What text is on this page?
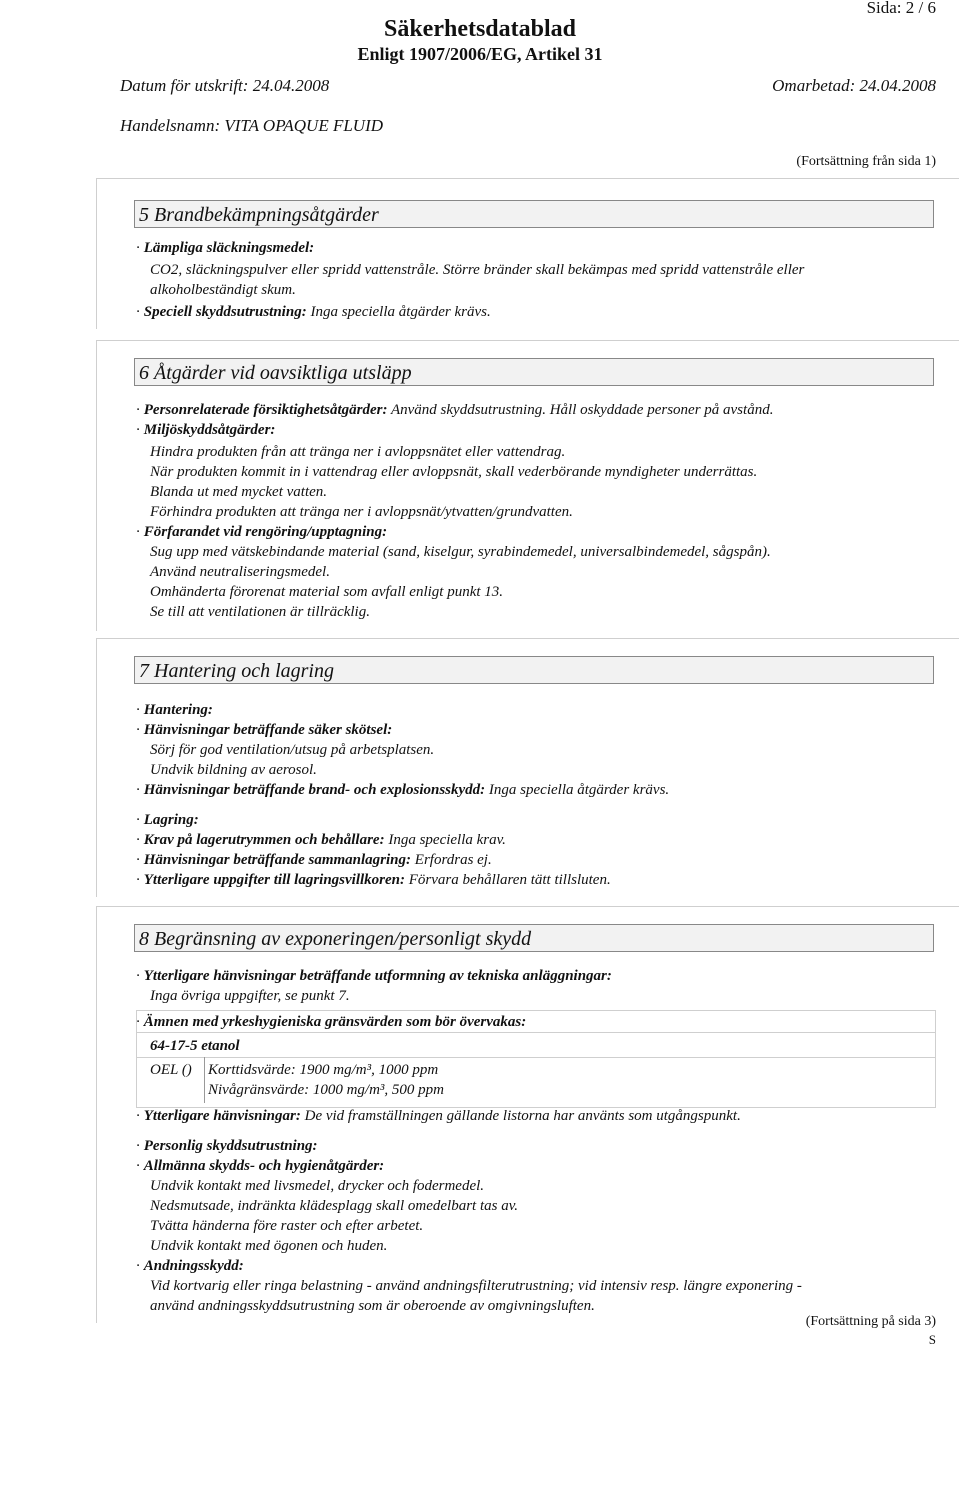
Sida: 2 / 6
Säkerhetsdatablad
Enligt 1907/2006/EG, Artikel 31
Datum för utskrift: 24.04.2008	Omarbetad: 24.04.2008
Handelsnamn: VITA OPAQUE FLUID
(Fortsättning från sida 1)
5 Brandbekämpningsåtgärder
· Lämpliga släckningsmedel:
CO2, släckningspulver eller spridd vattenstråle. Större bränder skall bekämpas med spridd vattenstråle eller
alkoholbeständigt skum.
· Speciell skyddsutrustning: Inga speciella åtgärder krävs.
6 Åtgärder vid oavsiktliga utsläpp
· Personrelaterade försiktighetsåtgärder: Använd skyddsutrustning. Håll oskyddade personer på avstånd.
· Miljöskyddsåtgärder:
Hindra produkten från att tränga ner i avloppsnätet eller vattendrag.
När produkten kommit in i vattendrag eller avloppsnät, skall vederbörande myndigheter underrättas.
Blanda ut med mycket vatten.
Förhindra produkten att tränga ner i avloppsnät/ytvatten/grundvatten.
· Förfarandet vid rengöring/upptagning:
Sug upp med vätskebindande material (sand, kiselgur, syrabindemedel, universalbindemedel, sågspån).
Använd neutraliseringsmedel.
Omhänderta förorenat material som avfall enligt punkt 13.
Se till att ventilationen är tillräcklig.
7 Hantering och lagring
· Hantering:
· Hänvisningar beträffande säker skötsel:
Sörj för god ventilation/utsug på arbetsplatsen.
Undvik bildning av aerosol.
· Hänvisningar beträffande brand- och explosionsskydd: Inga speciella åtgärder krävs.
· Lagring:
· Krav på lagerutrymmen och behållare: Inga speciella krav.
· Hänvisningar beträffande sammanlagring: Erfordras ej.
· Ytterligare uppgifter till lagringsvillkoren: Förvara behållaren tätt tillsluten.
8 Begränsning av exponeringen/personligt skydd
· Ytterligare hänvisningar beträffande utformning av tekniska anläggningar:
Inga övriga uppgifter, se punkt 7.
· Ämnen med yrkeshygieniska gränsvärden som bör övervakas:
64-17-5 etanol
OEL () Korttidsvärde: 1900 mg/m³, 1000 ppm
Nivågränsvärde: 1000 mg/m³, 500 ppm
· Ytterligare hänvisningar: De vid framställningen gällande listorna har använts som utgångspunkt.
· Personlig skyddsutrustning:
· Allmänna skydds- och hygienåtgärder:
Undvik kontakt med livsmedel, drycker och fodermedel.
Nedsmutsade, indränkta klädesplagg skall omedelbart tas av.
Tvätta händerna före raster och efter arbetet.
Undvik kontakt med ögonen och huden.
· Andningsskydd:
Vid kortvarig eller ringa belastning - använd andningsfilterutrustning; vid intensiv resp. längre exponering -
använd andningsskyddsutrustning som är oberoende av omgivningsluften.
(Fortsättning på sida 3)
S
